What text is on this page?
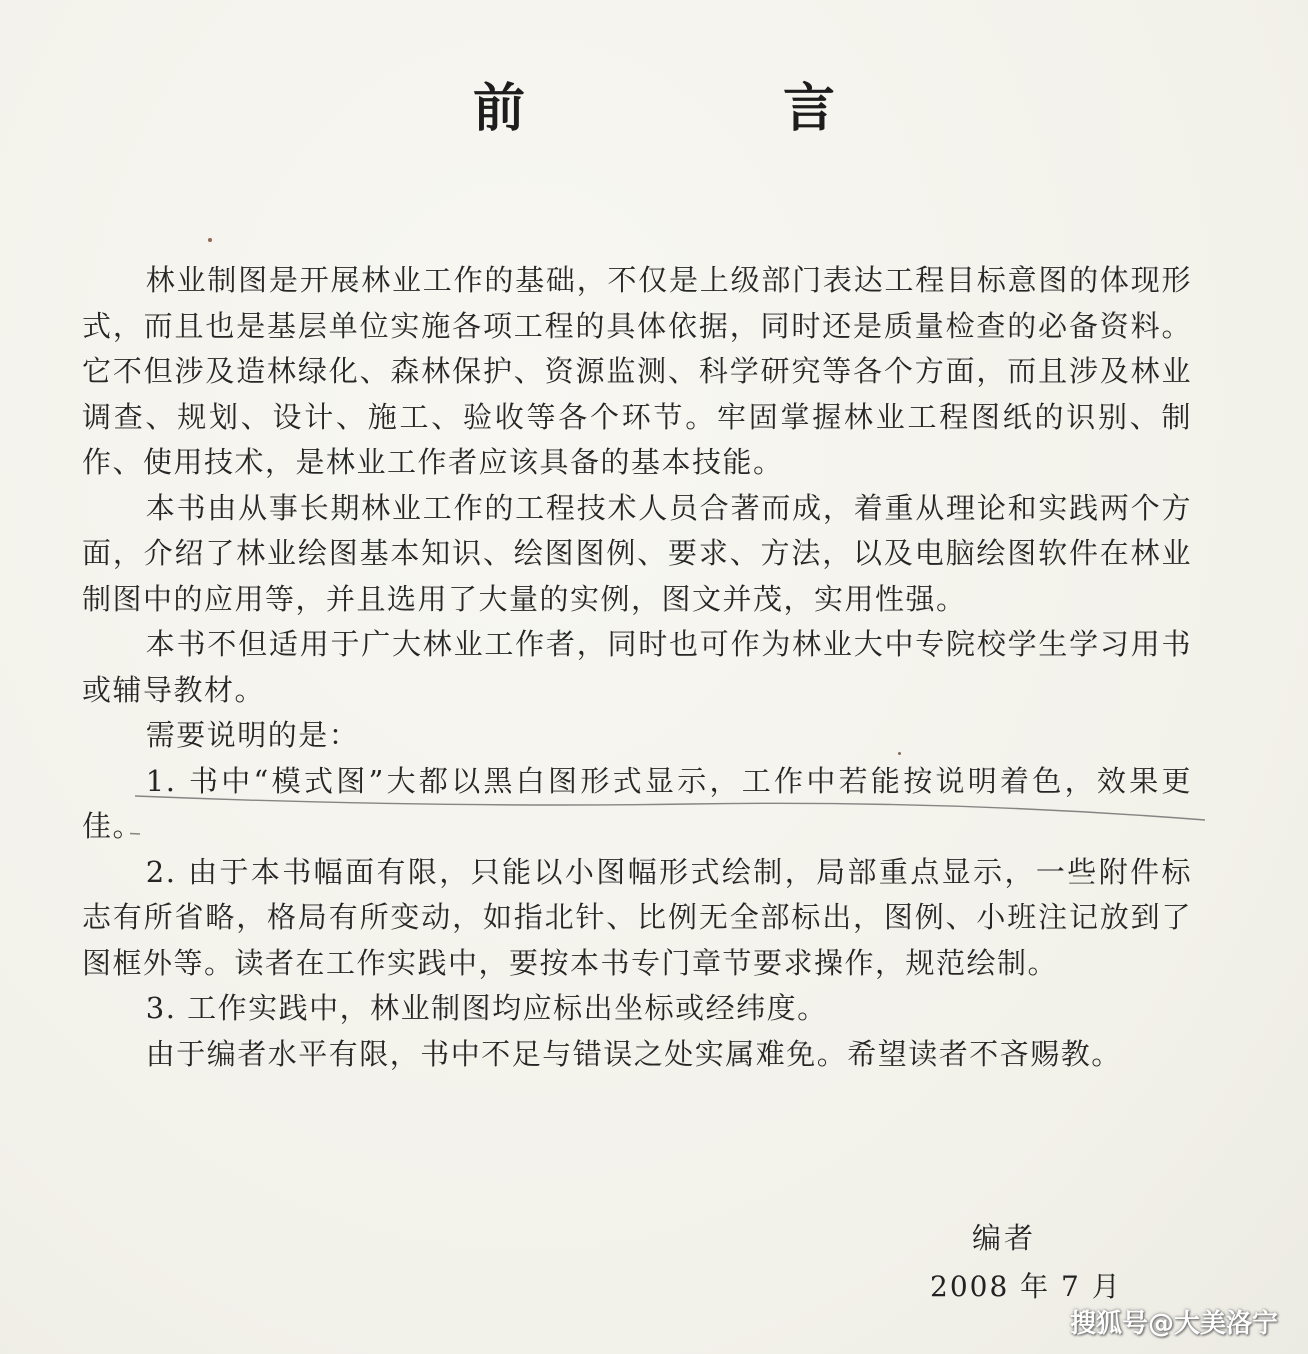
前 言

林业制图是开展林业工作的基础，不仅是上级部门表达工程目标意图的体现形式，而且也是基层单位实施各项工程的具体依据，同时还是质量检查的必备资料。它不但涉及造林绿化、森林保护、资源监测、科学研究等各个方面，而且涉及林业调查、规划、设计、施工、验收等各个环节。牢固掌握林业工程图纸的识别、制作、使用技术，是林业工作者应该具备的基本技能。

本书由从事长期林业工作的工程技术人员合著而成，着重从理论和实践两个方面，介绍了林业绘图基本知识、绘图图例、要求、方法，以及电脑绘图软件在林业制图中的应用等，并且选用了大量的实例，图文并茂，实用性强。

本书不但适用于广大林业工作者，同时也可作为林业大中专院校学生学习用书或辅导教材。

需要说明的是：

1. 书中“模式图”大都以黑白图形式显示，工作中若能按说明着色，效果更佳。

2. 由于本书幅面有限，只能以小图幅形式绘制，局部重点显示，一些附件标志有所省略，格局有所变动，如指北针、比例无全部标出，图例、小班注记放到了图框外等。读者在工作实践中，要按本书专门章节要求操作，规范绘制。

3. 工作实践中，林业制图均应标出坐标或经纬度。

由于编者水平有限，书中不足与错误之处实属难免。希望读者不吝赐教。

编者
2008 年 7 月
搜狐号@大美洛宁
